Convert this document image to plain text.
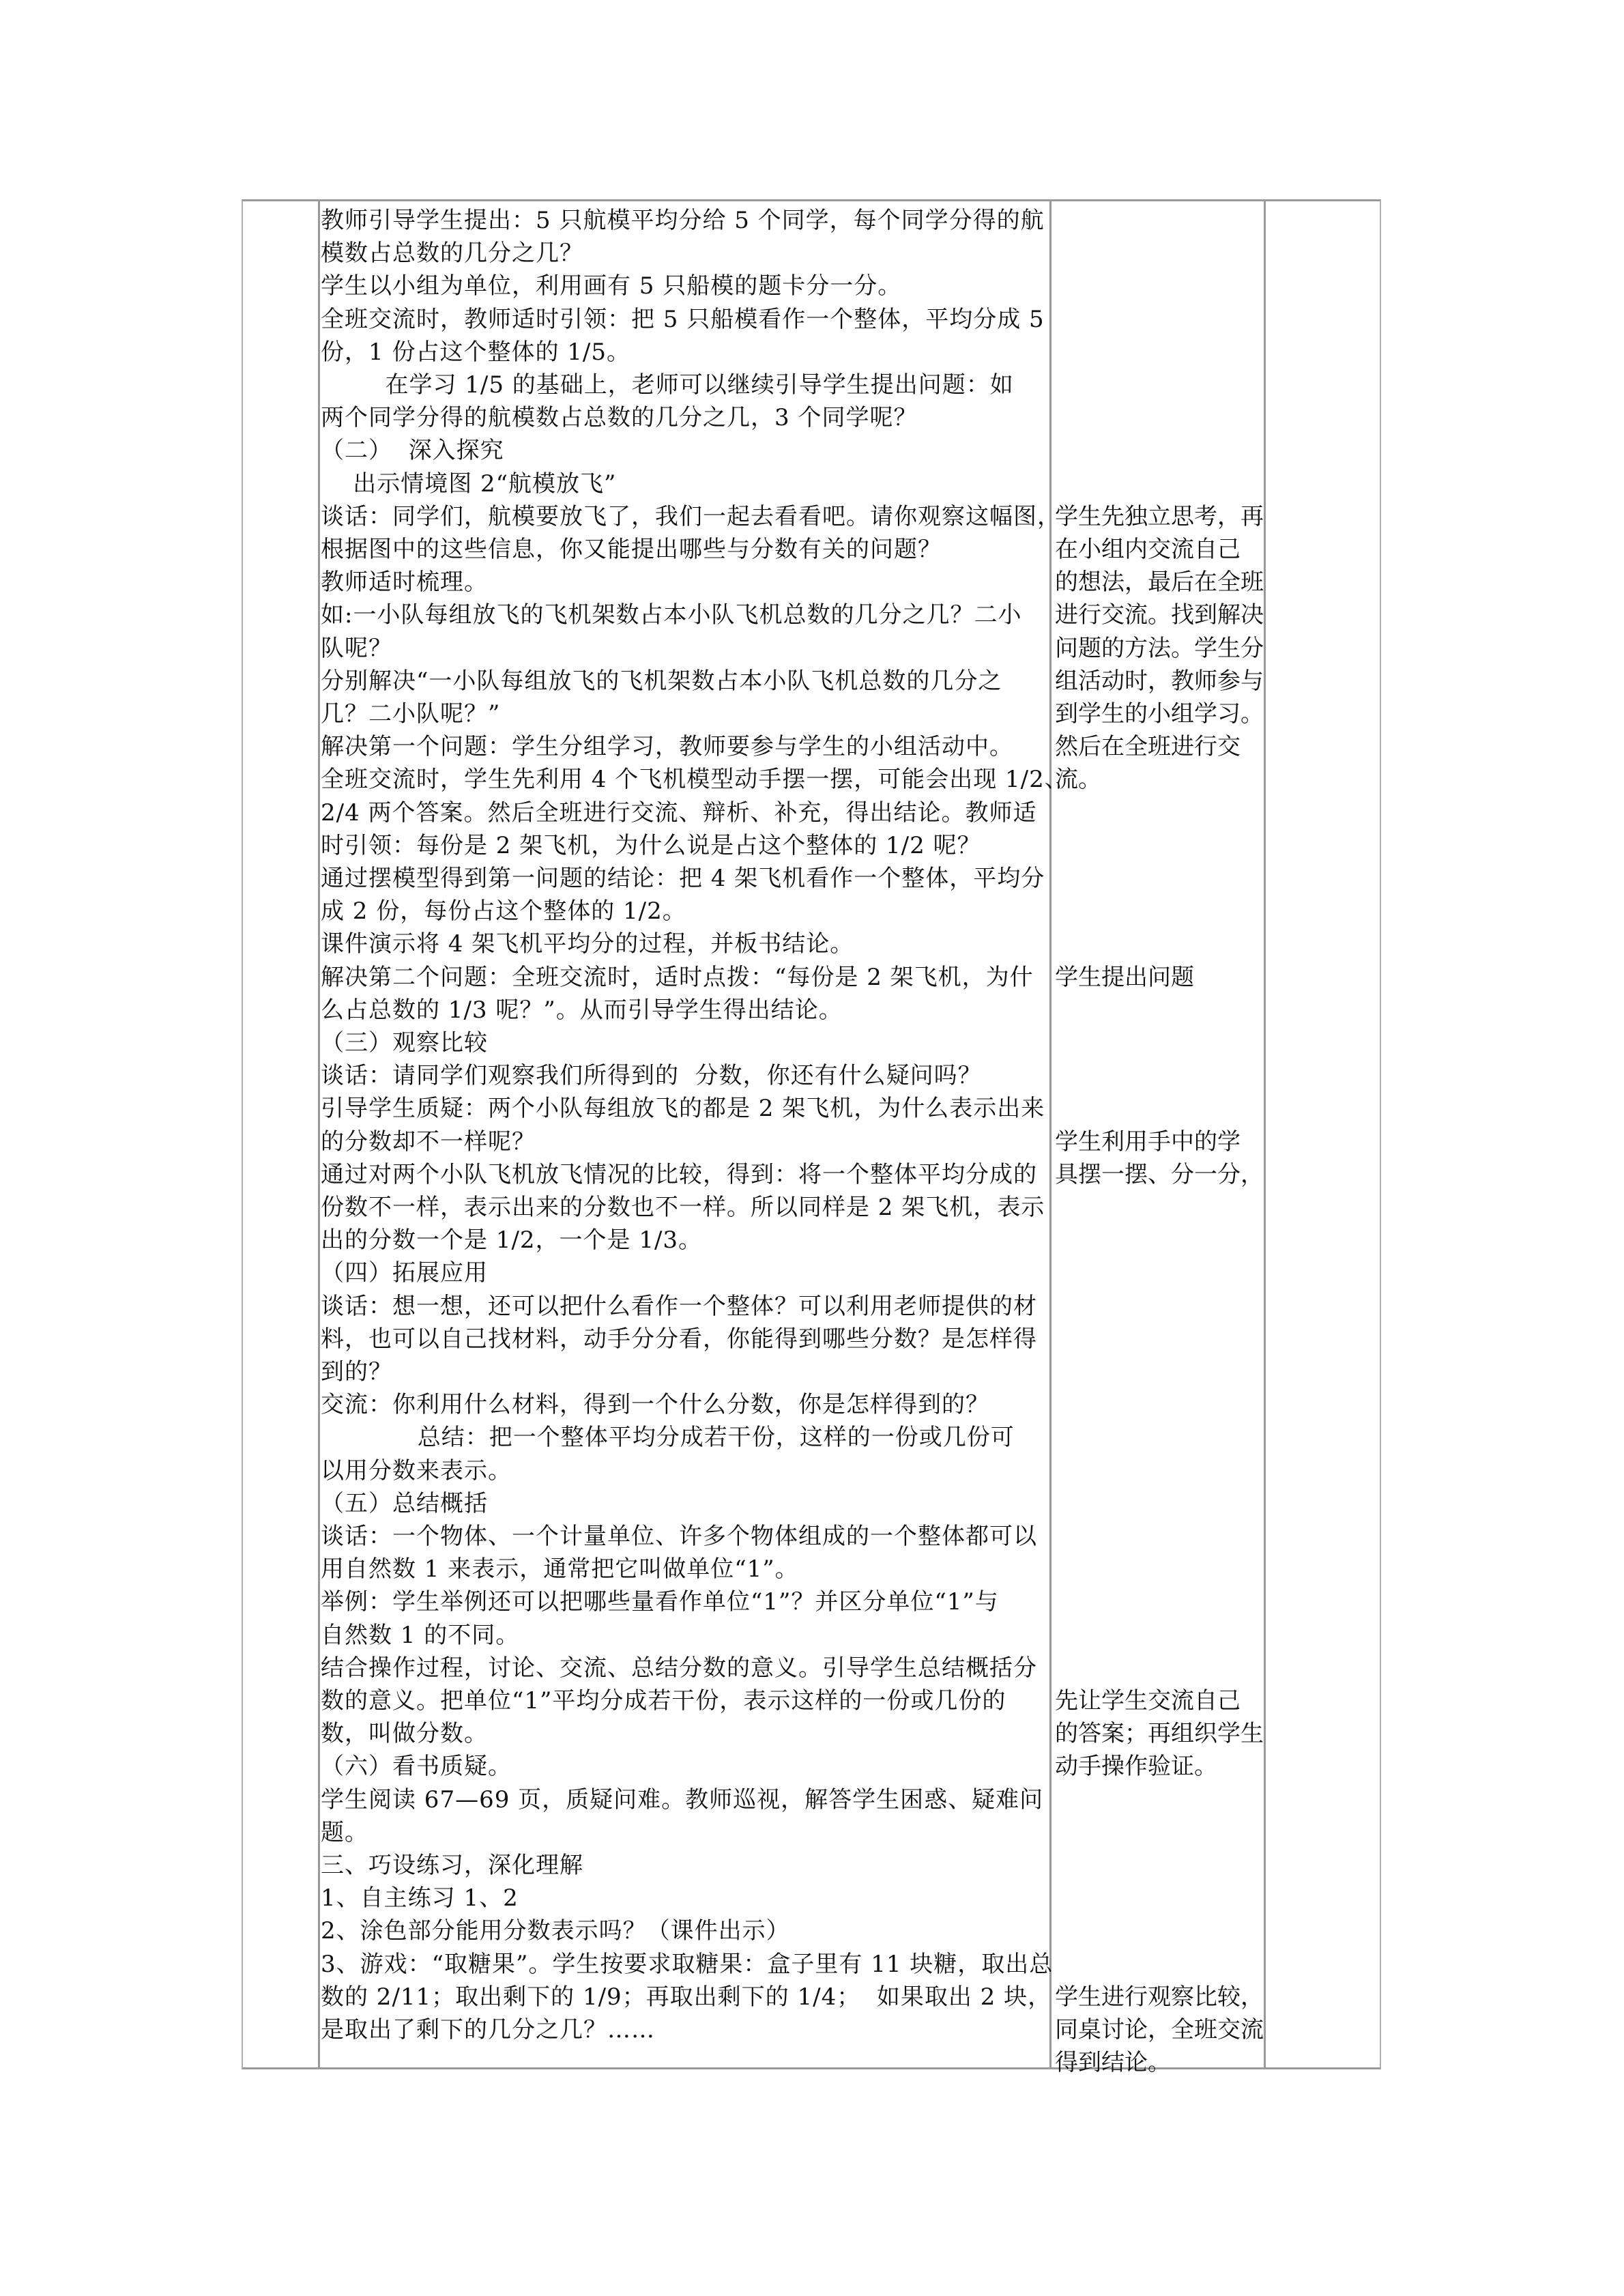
教师引导学生提出：5 只航模平均分给 5 个同学，每个同学分得的航
模数占总数的几分之几？
学生以小组为单位，利用画有 5 只船模的题卡分一分。
全班交流时，教师适时引领：把 5 只船模看作一个整体，平均分成 5
份，1 份占这个整体的 1/5。
在学习 1/5 的基础上，老师可以继续引导学生提出问题：如
两个同学分得的航模数占总数的几分之几，3 个同学呢？
（二）  深入探究
出示情境图 2“航模放飞”
谈话：同学们，航模要放飞了，我们一起去看看吧。请你观察这幅图，
根据图中的这些信息，你又能提出哪些与分数有关的问题？
教师适时梳理。
如:一小队每组放飞的飞机架数占本小队飞机总数的几分之几？二小
队呢？
分别解决“一小队每组放飞的飞机架数占本小队飞机总数的几分之
几？二小队呢？”
解决第一个问题：学生分组学习，教师要参与学生的小组活动中。
全班交流时，学生先利用 4 个飞机模型动手摆一摆，可能会出现 1/2、
2/4 两个答案。然后全班进行交流、辩析、补充，得出结论。教师适
时引领：每份是 2 架飞机，为什么说是占这个整体的 1/2 呢？
通过摆模型得到第一问题的结论：把 4 架飞机看作一个整体，平均分
成 2 份，每份占这个整体的 1/2。
课件演示将 4 架飞机平均分的过程，并板书结论。
解决第二个问题：全班交流时，适时点拨：“每份是 2 架飞机，为什
么占总数的 1/3 呢？”。从而引导学生得出结论。
（三）观察比较
谈话：请同学们观察我们所得到的  分数，你还有什么疑问吗？
引导学生质疑：两个小队每组放飞的都是 2 架飞机，为什么表示出来
的分数却不一样呢？
通过对两个小队飞机放飞情况的比较，得到：将一个整体平均分成的
份数不一样，表示出来的分数也不一样。所以同样是 2 架飞机，表示
出的分数一个是 1/2，一个是 1/3。
（四）拓展应用
谈话：想一想，还可以把什么看作一个整体？可以利用老师提供的材
料，也可以自己找材料，动手分分看，你能得到哪些分数？是怎样得
到的？
交流：你利用什么材料，得到一个什么分数，你是怎样得到的？
总结：把一个整体平均分成若干份，这样的一份或几份可
以用分数来表示。
（五）总结概括
谈话：一个物体、一个计量单位、许多个物体组成的一个整体都可以
用自然数 1 来表示，通常把它叫做单位“1”。
举例：学生举例还可以把哪些量看作单位“1”？并区分单位“1”与
自然数 1 的不同。
结合操作过程，讨论、交流、总结分数的意义。引导学生总结概括分
数的意义。把单位“1”平均分成若干份，表示这样的一份或几份的
数，叫做分数。
（六）看书质疑。
学生阅读 67—69 页，质疑问难。教师巡视，解答学生困惑、疑难问
题。
三、巧设练习，深化理解
1、自主练习 1、2
2、涂色部分能用分数表示吗？（课件出示）
3、游戏：“取糖果”。学生按要求取糖果：盒子里有 11 块糖，取出总
数的 2/11；取出剩下的 1/9；再取出剩下的 1/4；  如果取出 2 块，
是取出了剩下的几分之几？……
学生先独立思考，再
在小组内交流自己
的想法，最后在全班
进行交流。找到解决
问题的方法。学生分
组活动时，教师参与
到学生的小组学习。
然后在全班进行交
流。
学生提出问题
学生利用手中的学
具摆一摆、分一分，
先让学生交流自己
的答案；再组织学生
动手操作验证。
学生进行观察比较，
同桌讨论，全班交流
得到结论。
